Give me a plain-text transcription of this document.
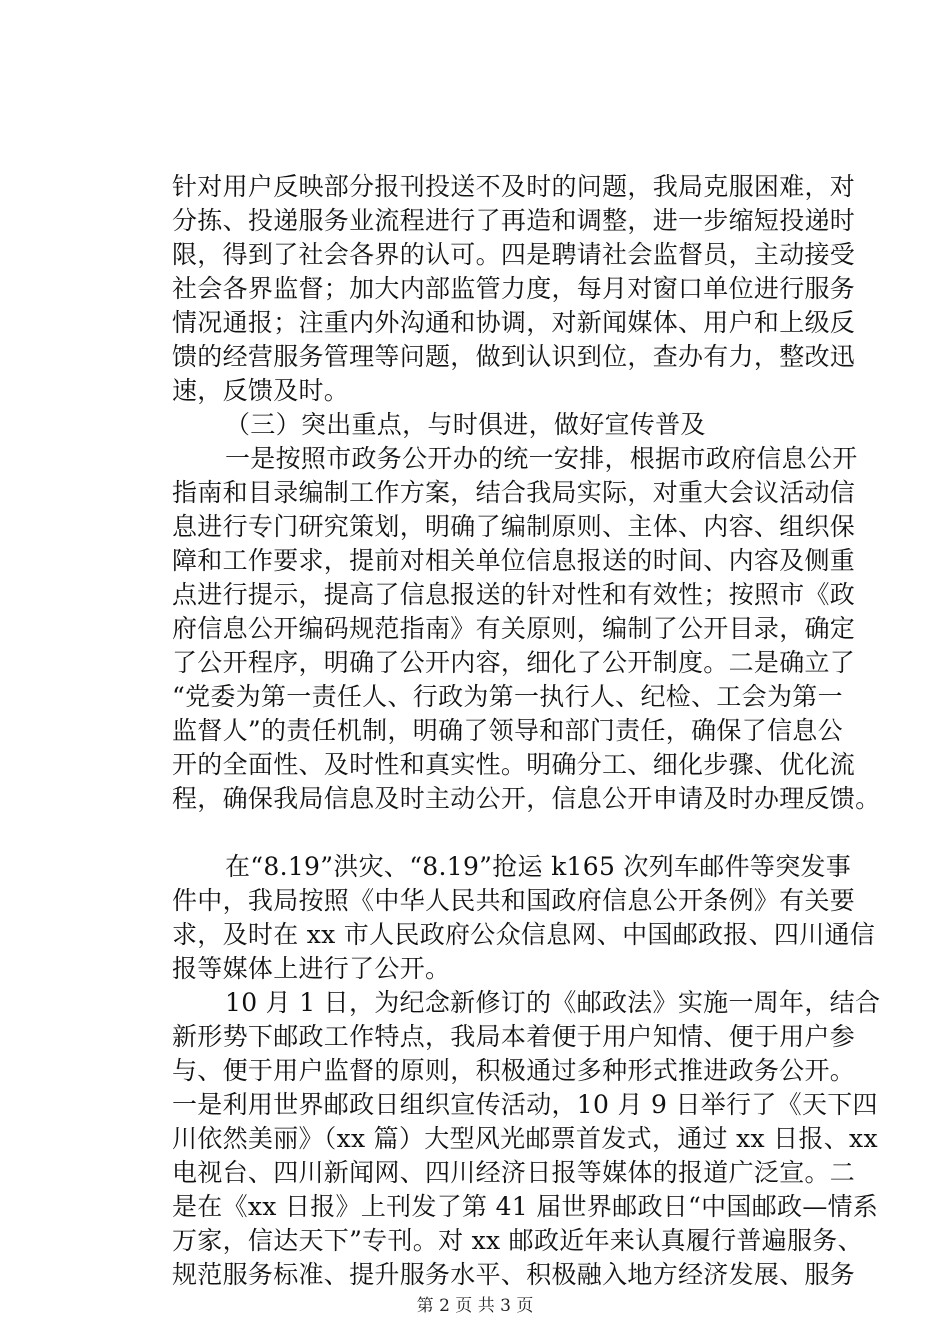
针对用户反映部分报刊投送不及时的问题，我局克服困难，对
分拣、投递服务业流程进行了再造和调整，进一步缩短投递时
限，得到了社会各界的认可。四是聘请社会监督员，主动接受
社会各界监督；加大内部监管力度，每月对窗口单位进行服务
情况通报；注重内外沟通和协调，对新闻媒体、用户和上级反
馈的经营服务管理等问题，做到认识到位，查办有力，整改迅
速，反馈及时。

（三）突出重点，与时俱进，做好宣传普及

一是按照市政务公开办的统一安排，根据市政府信息公开
指南和目录编制工作方案，结合我局实际，对重大会议活动信
息进行专门研究策划，明确了编制原则、主体、内容、组织保
障和工作要求，提前对相关单位信息报送的时间、内容及侧重
点进行提示，提高了信息报送的针对性和有效性；按照市《政
府信息公开编码规范指南》有关原则，编制了公开目录，确定
了公开程序，明确了公开内容，细化了公开制度。二是确立了
“党委为第一责任人、行政为第一执行人、纪检、工会为第一
监督人”的责任机制，明确了领导和部门责任，确保了信息公
开的全面性、及时性和真实性。明确分工、细化步骤、优化流
程，确保我局信息及时主动公开，信息公开申请及时办理反馈。

在“8.19”洪灾、“8.19”抢运 k165 次列车邮件等突发事
件中，我局按照《中华人民共和国政府信息公开条例》有关要
求，及时在 xx 市人民政府公众信息网、中国邮政报、四川通信
报等媒体上进行了公开。

10 月 1 日，为纪念新修订的《邮政法》实施一周年，结合
新形势下邮政工作特点，我局本着便于用户知情、便于用户参
与、便于用户监督的原则，积极通过多种形式推进政务公开。
一是利用世界邮政日组织宣传活动，10 月 9 日举行了《天下四
川依然美丽》（xx 篇）大型风光邮票首发式，通过 xx 日报、xx
电视台、四川新闻网、四川经济日报等媒体的报道广泛宣。二
是在《xx 日报》上刊发了第 41 届世界邮政日“中国邮政—情系
万家，信达天下”专刊。对 xx 邮政近年来认真履行普遍服务、
规范服务标准、提升服务水平、积极融入地方经济发展、服务

第 2 页 共 3 页
